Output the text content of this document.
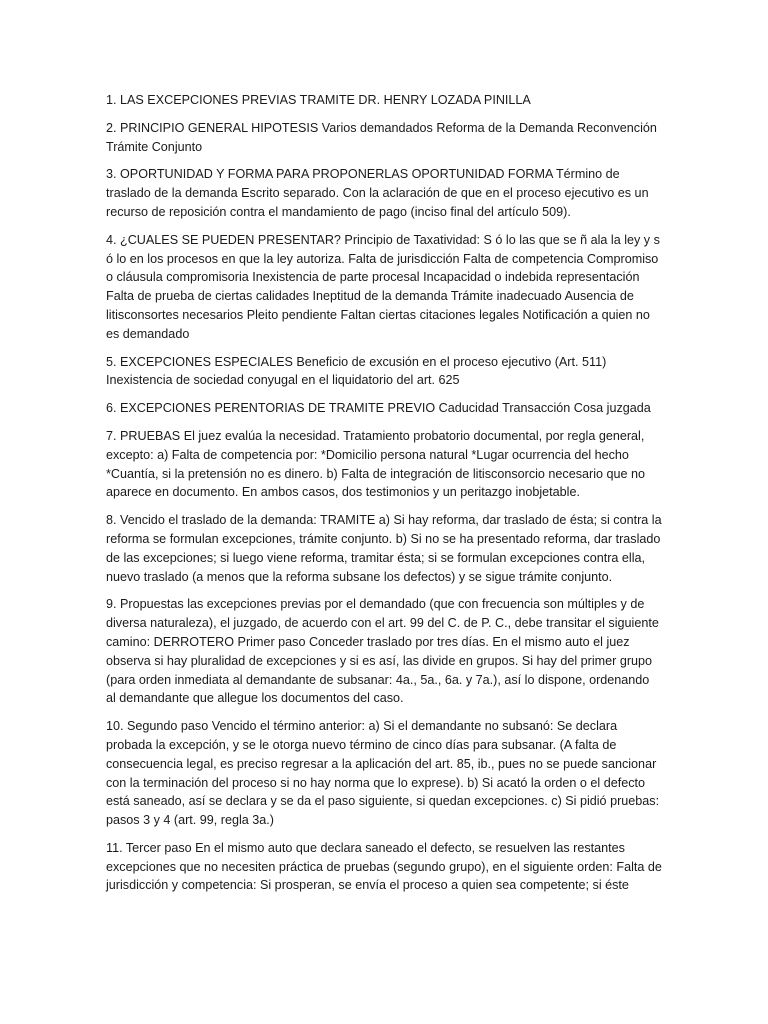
1. LAS EXCEPCIONES PREVIAS TRAMITE DR. HENRY LOZADA PINILLA

2. PRINCIPIO GENERAL HIPOTESIS Varios demandados Reforma de la Demanda Reconvención Trámite Conjunto

3. OPORTUNIDAD Y FORMA PARA PROPONERLAS OPORTUNIDAD FORMA Término de traslado de la demanda Escrito separado. Con la aclaración de que en el proceso ejecutivo es un recurso de reposición contra el mandamiento de pago (inciso final del artículo 509).

4. ¿CUALES SE PUEDEN PRESENTAR? Principio de Taxatividad: S ó lo las que se ñ ala la ley y s ó lo en los procesos en que la ley autoriza. Falta de jurisdicción Falta de competencia Compromiso o cláusula compromisoria Inexistencia de parte procesal Incapacidad o indebida representación Falta de prueba de ciertas calidades Ineptitud de la demanda Trámite inadecuado Ausencia de litisconsortes necesarios Pleito pendiente Faltan ciertas citaciones legales Notificación a quien no es demandado

5. EXCEPCIONES ESPECIALES Beneficio de excusión en el proceso ejecutivo (Art. 511) Inexistencia de sociedad conyugal en el liquidatorio del art. 625

6. EXCEPCIONES PERENTORIAS DE TRAMITE PREVIO Caducidad Transacción Cosa juzgada

7. PRUEBAS El juez evalúa la necesidad. Tratamiento probatorio documental, por regla general, excepto: a) Falta de competencia por: *Domicilio persona natural *Lugar ocurrencia del hecho *Cuantía, si la pretensión no es dinero. b) Falta de integración de litisconsorcio necesario que no aparece en documento. En ambos casos, dos testimonios y un peritazgo inobjetable.

8. Vencido el traslado de la demanda: TRAMITE a) Si hay reforma, dar traslado de ésta; si contra la reforma se formulan excepciones, trámite conjunto. b) Si no se ha presentado reforma, dar traslado de las excepciones; si luego viene reforma, tramitar ésta; si se formulan excepciones contra ella, nuevo traslado (a menos que la reforma subsane los defectos) y se sigue trámite conjunto.

9. Propuestas las excepciones previas por el demandado (que con frecuencia son múltiples y de diversa naturaleza), el juzgado, de acuerdo con el art. 99 del C. de P. C., debe transitar el siguiente camino: DERROTERO Primer paso Conceder traslado por tres días. En el mismo auto el juez observa si hay pluralidad de excepciones y si es así, las divide en grupos. Si hay del primer grupo (para orden inmediata al demandante de subsanar: 4a., 5a., 6a. y 7a.), así lo dispone, ordenando al demandante que allegue los documentos del caso.

10. Segundo paso Vencido el término anterior: a) Si el demandante no subsanó: Se declara probada la excepción, y se le otorga nuevo término de cinco días para subsanar. (A falta de consecuencia legal, es preciso regresar a la aplicación del art. 85, ib., pues no se puede sancionar con la terminación del proceso si no hay norma que lo exprese). b) Si acató la orden o el defecto está saneado, así se declara y se da el paso siguiente, si quedan excepciones. c) Si pidió pruebas: pasos 3 y 4 (art. 99, regla 3a.)

11. Tercer paso En el mismo auto que declara saneado el defecto, se resuelven las restantes excepciones que no necesiten práctica de pruebas (segundo grupo), en el siguiente orden: Falta de jurisdicción y competencia: Si prosperan, se envía el proceso a quien sea competente; si éste
